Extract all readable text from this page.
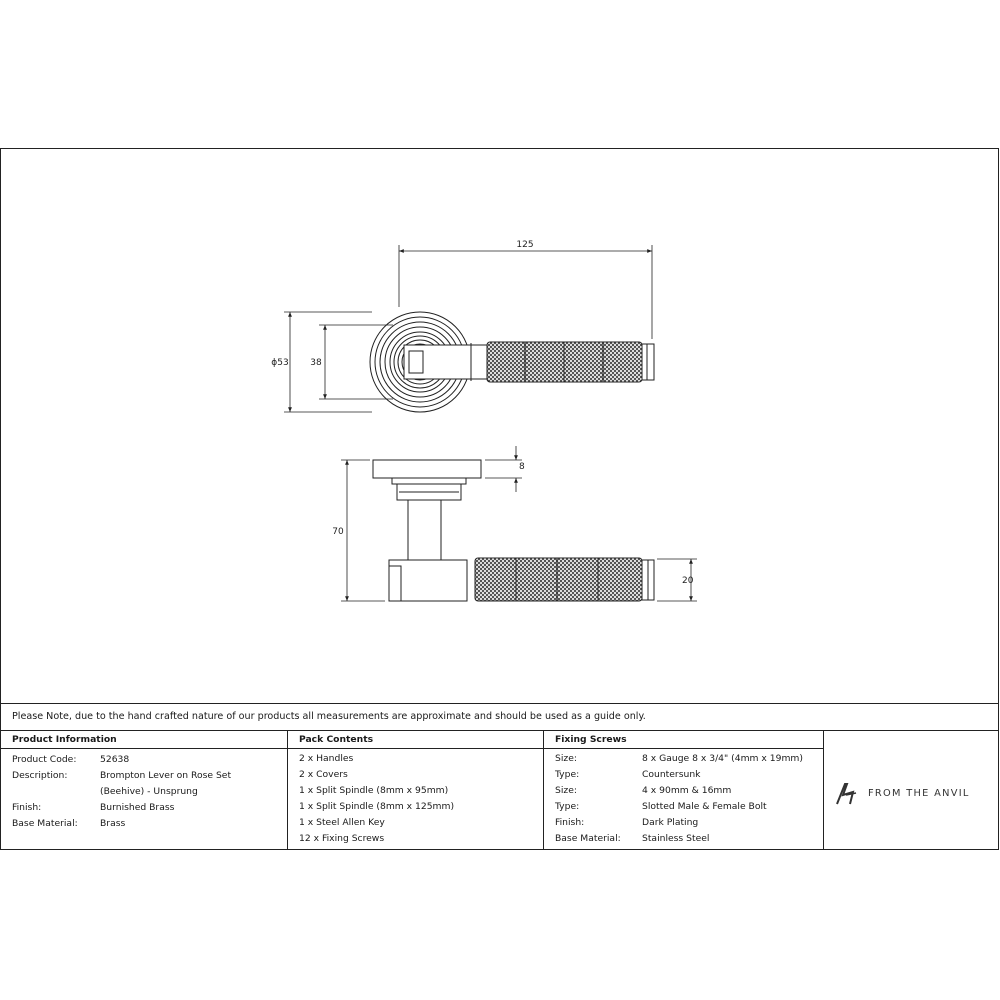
125
ϕ53 38
8
70
20
Please Note, due to the hand crafted nature of our products all measurements are approximate and should be used as a guide only.
Product Information
Product Code:	52638
Description:	Brompton Lever on Rose Set
(Beehive) - Unsprung
Finish:	Burnished Brass
Base Material: Brass
Pack Contents
2 x Handles
2 x Covers
1 x Split Spindle (8mm x 95mm)
1 x Split Spindle (8mm x 125mm)
1 x Steel Allen Key
12 x Fixing Screws
Fixing Screws
Size:	8 x Gauge 8 x 3/4" (4mm x 19mm)
Type:	Countersunk
Size:	4 x 90mm & 16mm
Type:	Slotted Male & Female Bolt
Finish:	Dark Plating
Base Material: Stainless Steel
FROM THE ANVIL
